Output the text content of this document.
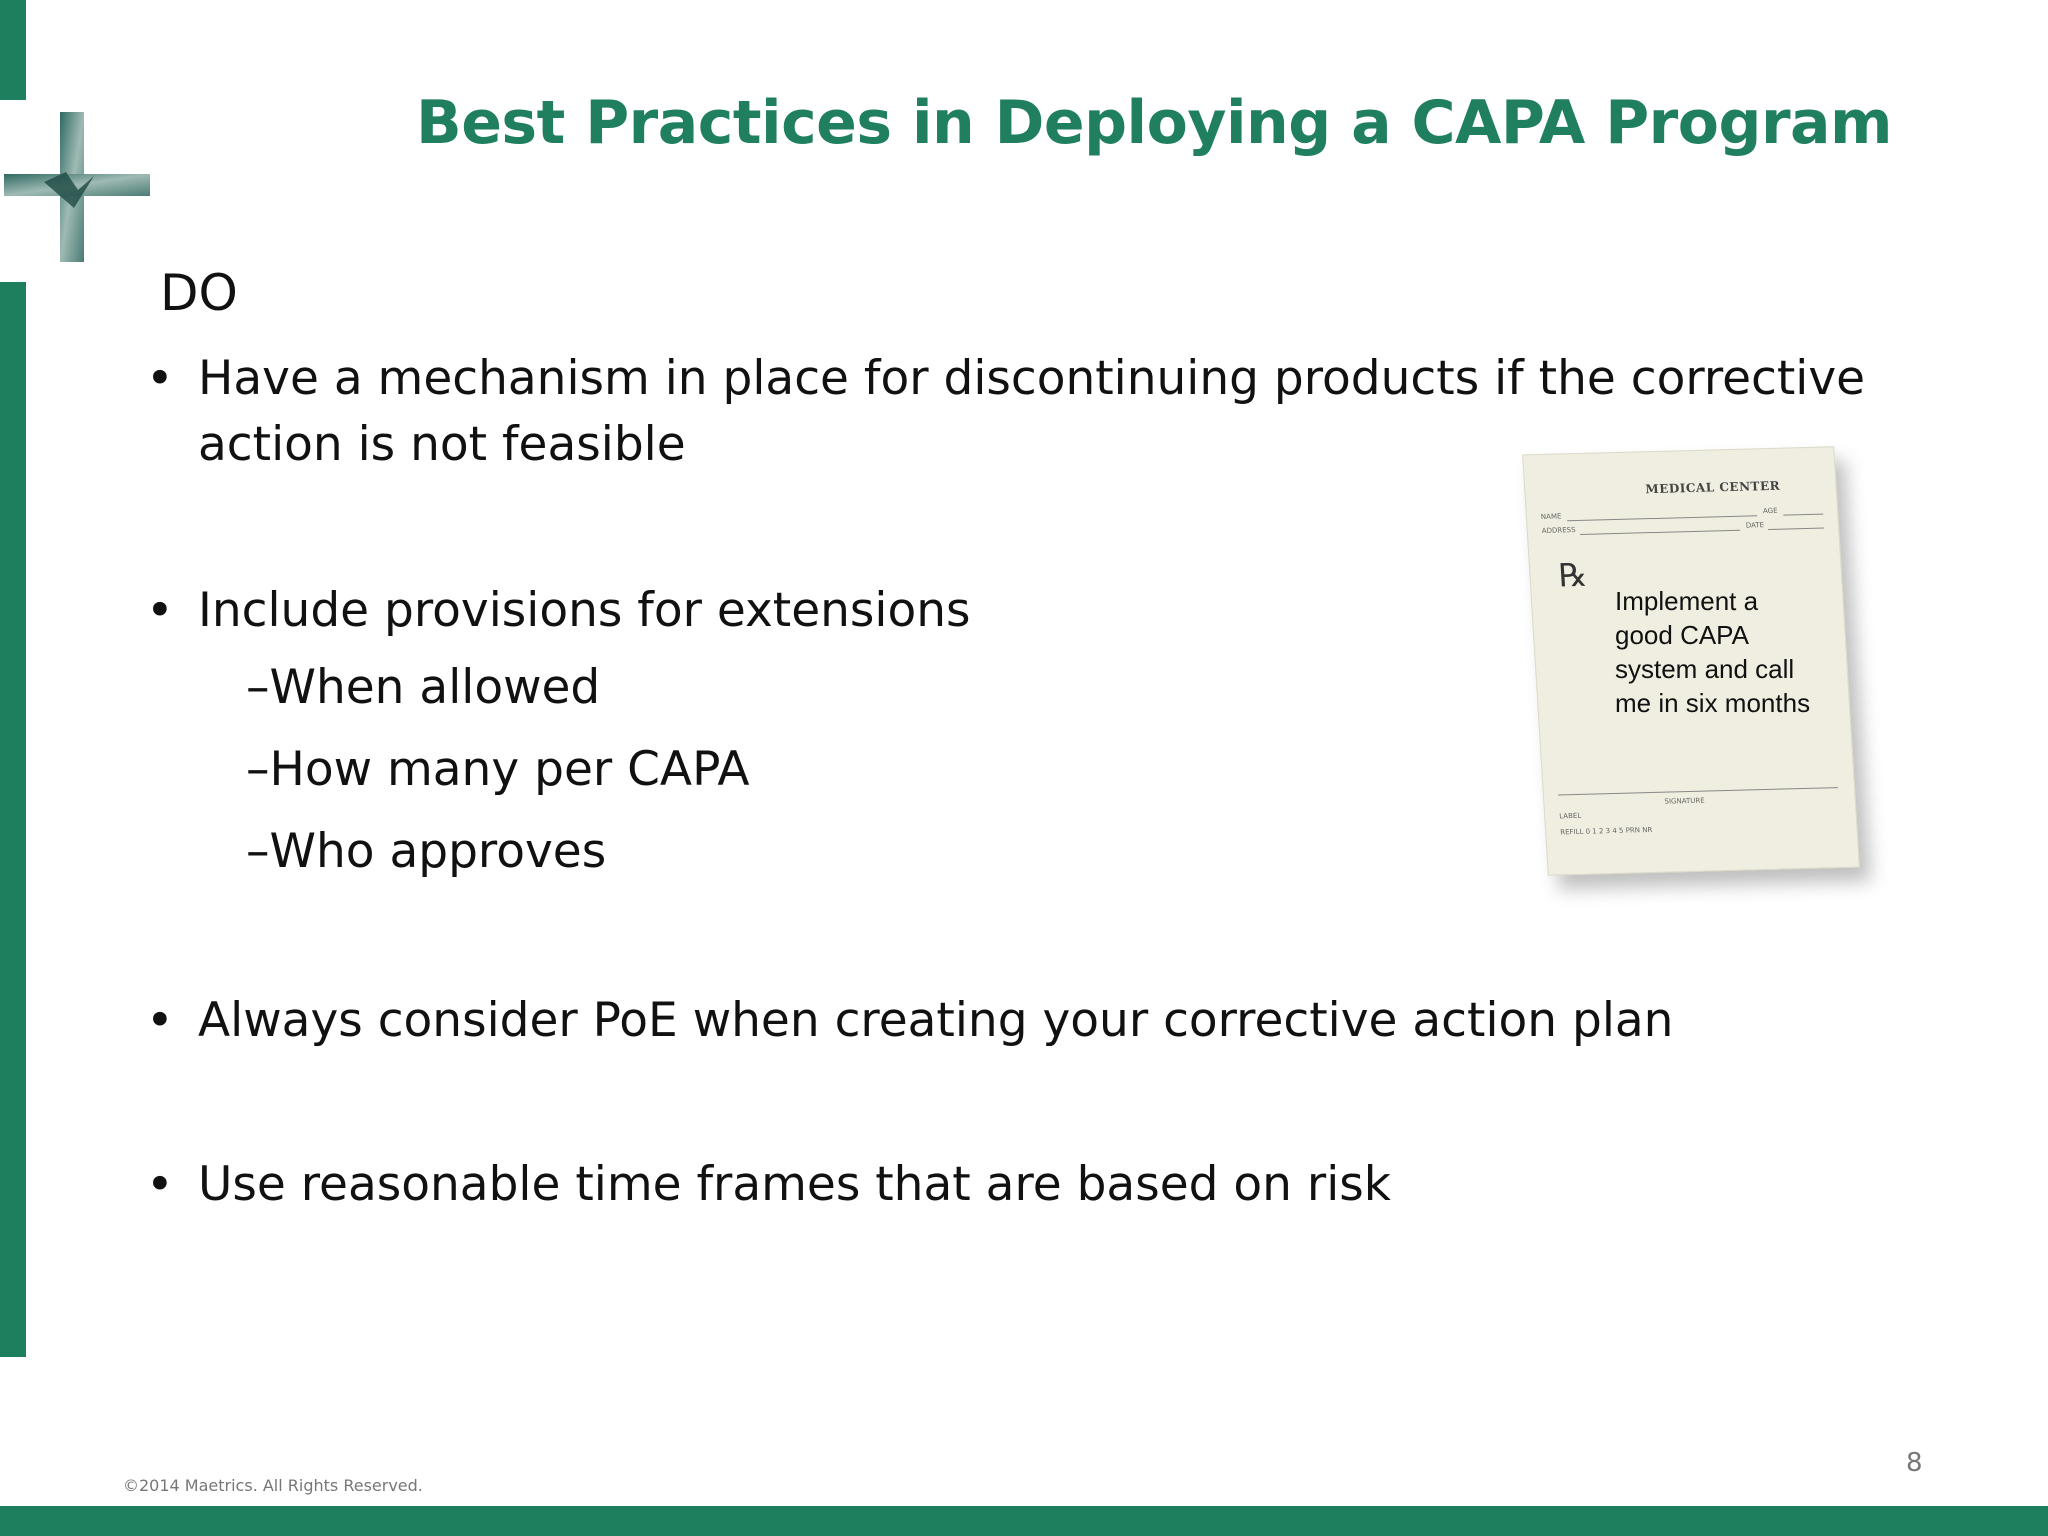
Best Practices in Deploying a CAPA Program
DO
• Have a mechanism in place for discontinuing products if the corrective action is not feasible
• Include provisions for extensions
–When allowed
–How many per CAPA
–Who approves
• Always consider PoE when creating your corrective action plan
• Use reasonable time frames that are based on risk
MEDICAL CENTER
NAME
AGE
ADDRESS
DATE
℞
SIGNATURE
LABEL
REFILL 0 1 2 3 4 5 PRN NR
Implement a good CAPA system and call me in six months
8
©2014 Maetrics. All Rights Reserved.
